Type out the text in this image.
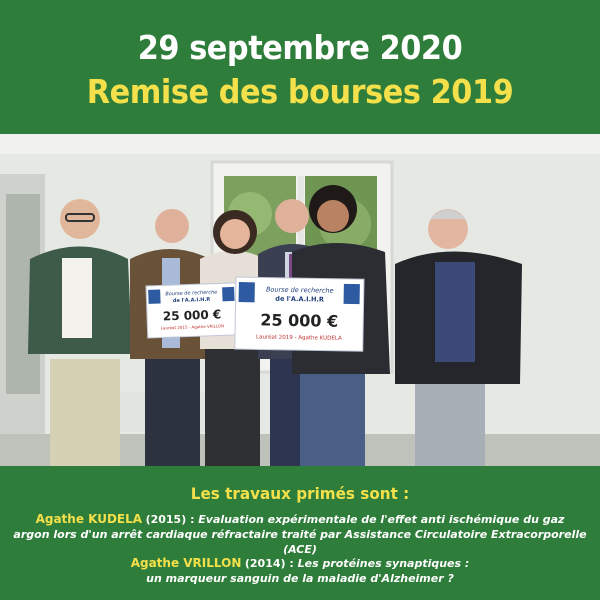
29 septembre 2020
Remise des bourses 2019
Bourse de recherche
de l'A.A.I.H.R
25 000 €
Lauréat 2015 - Agathe VRILLON
Bourse de recherche
de l'A.A.I.H.R
25 000 €
Lauréat 2019 - Agathe KUDELA
Les travaux primés sont :
Agathe KUDELA (2015) : Evaluation expérimentale de l'effet anti ischémique du gaz
argon lors d'un arrêt cardiaque réfractaire traité par Assistance Circulatoire Extracorporelle (ACE)
Agathe VRILLON (2014) : Les protéines synaptiques :
un marqueur sanguin de la maladie d'Alzheimer ?
